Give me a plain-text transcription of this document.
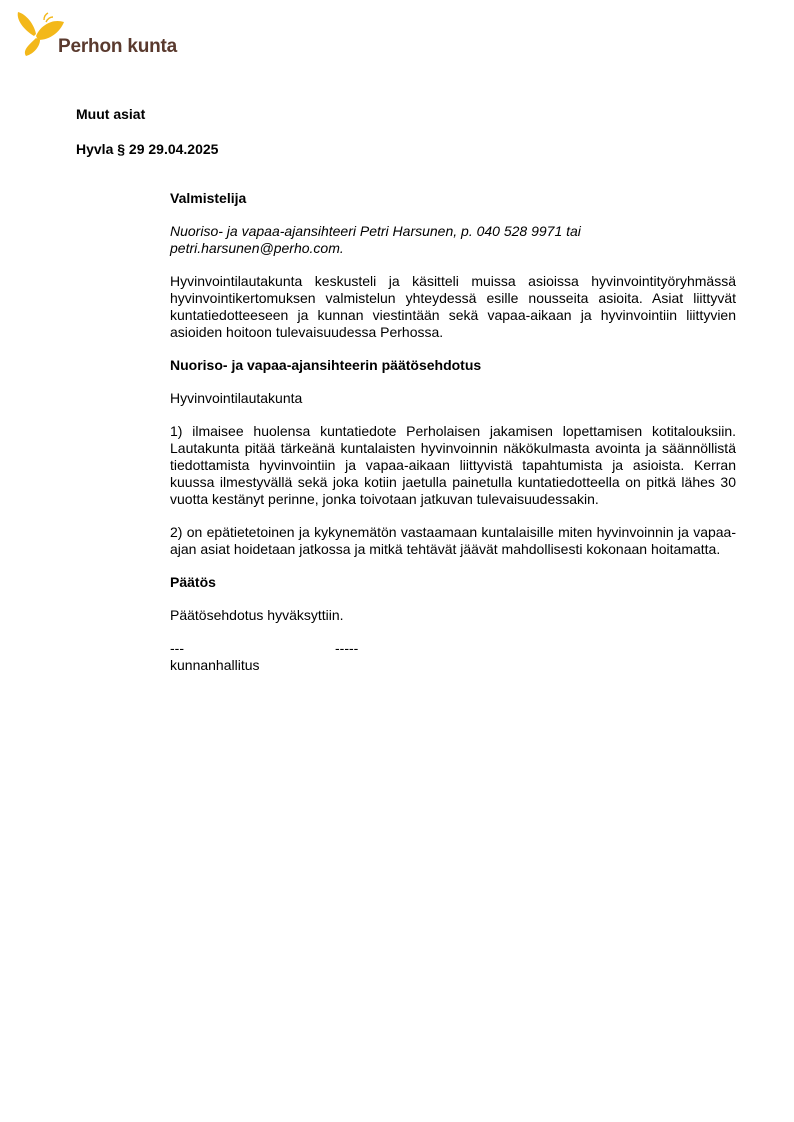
Perhon kunta
Muut asiat
Hyvla § 29 29.04.2025

Valmistelija

Nuoriso- ja vapaa-ajansihteeri Petri Harsunen, p. 040 528 9971 tai

petri.harsunen@perho.com.

Hyvinvointilautakunta keskusteli ja käsitteli muissa asioissa hyvinvointityöryhmässä hyvinvointikertomuksen valmistelun yhteydessä esille nousseita asioita. Asiat liittyvät kuntatiedotteeseen ja kunnan viestintään sekä vapaa-aikaan ja hyvinvointiin liittyvien asioiden hoitoon tulevaisuudessa Perhossa.

Nuoriso- ja vapaa-ajansihteerin päätösehdotus

Hyvinvointilautakunta

1) ilmaisee huolensa kuntatiedote Perholaisen jakamisen lopettamisen kotitalouksiin. Lautakunta pitää tärkeänä kuntalaisten hyvinvoinnin näkökulmasta avointa ja säännöllistä tiedottamista hyvinvointiin ja vapaa-aikaan liittyvistä tapahtumista ja asioista. Kerran kuussa ilmestyvällä sekä joka kotiin jaetulla painetulla kuntatiedotteella on pitkä lähes 30 vuotta kestänyt perinne, jonka toivotaan jatkuvan tulevaisuudessakin.

2) on epätietetoinen ja kykynemätön vastaamaan kuntalaisille miten hyvinvoinnin ja vapaa-ajan asiat hoidetaan jatkossa ja mitkä tehtävät jäävät mahdollisesti kokonaan hoitamatta.

Päätös

Päätösehdotus hyväksyttiin.

---	-----

kunnanhallitus
